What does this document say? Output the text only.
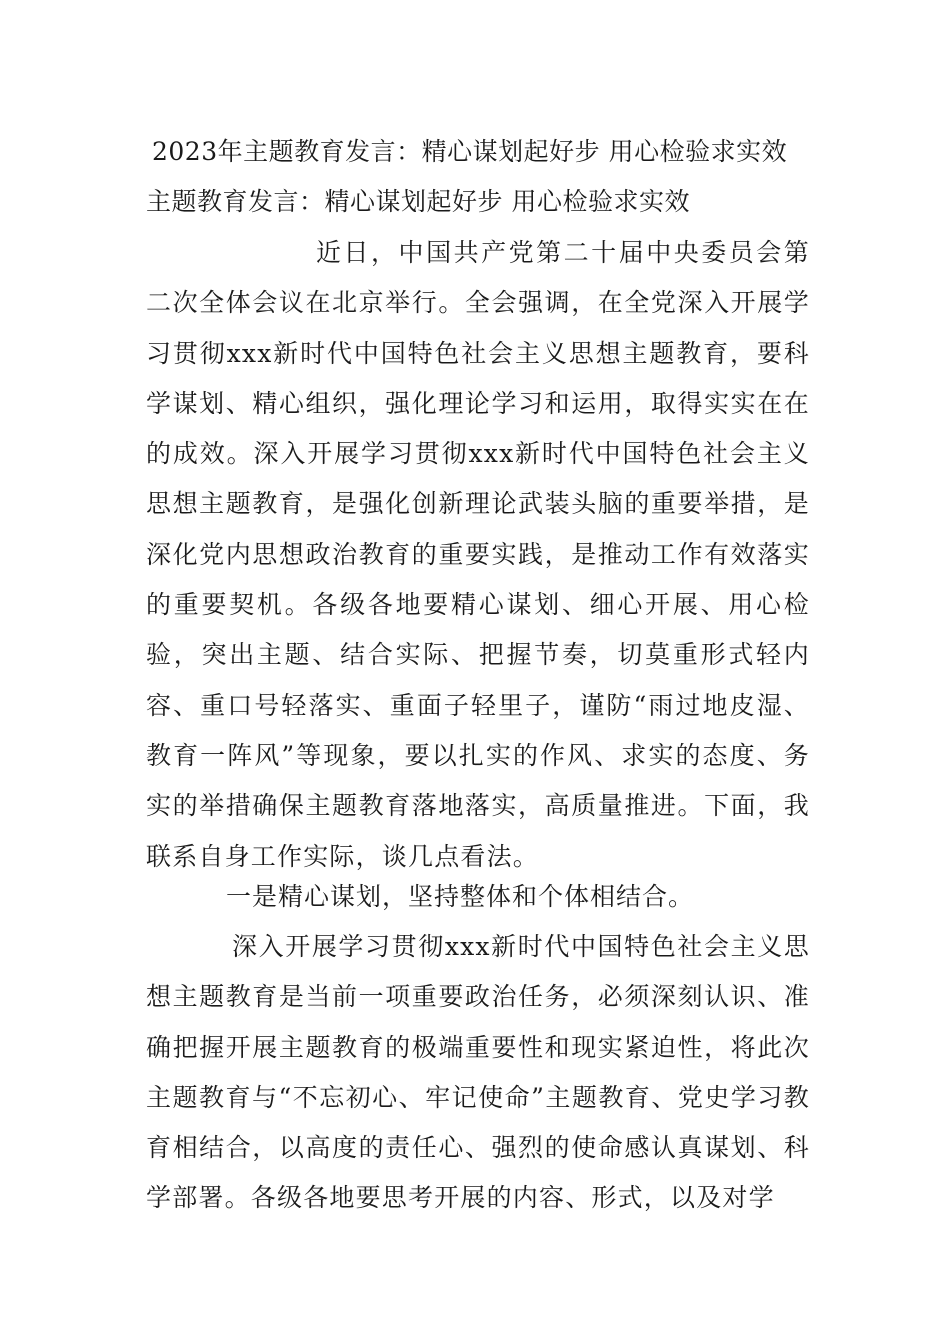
2023年主题教育发言：精心谋划起好步 用心检验求实效
主题教育发言：精心谋划起好步 用心检验求实效
近日，中国共产党第二十届中央委员会第二次全体会议在北京举行。全会强调，在全党深入开展学习贯彻xxx新时代中国特色社会主义思想主题教育，要科学谋划、精心组织，强化理论学习和运用，取得实实在在的成效。深入开展学习贯彻xxx新时代中国特色社会主义思想主题教育，是强化创新理论武装头脑的重要举措，是深化党内思想政治教育的重要实践，是推动工作有效落实的重要契机。各级各地要精心谋划、细心开展、用心检验，突出主题、结合实际、把握节奏，切莫重形式轻内容、重口号轻落实、重面子轻里子，谨防“雨过地皮湿、教育一阵风”等现象，要以扎实的作风、求实的态度、务实的举措确保主题教育落地落实，高质量推进。下面，我联系自身工作实际，谈几点看法。
一是精心谋划，坚持整体和个体相结合。
深入开展学习贯彻xxx新时代中国特色社会主义思想主题教育是当前一项重要政治任务，必须深刻认识、准确把握开展主题教育的极端重要性和现实紧迫性，将此次主题教育与“不忘初心、牢记使命”主题教育、党史学习教育相结合，以高度的责任心、强烈的使命感认真谋划、科学部署。各级各地要思考开展的内容、形式，以及对学
